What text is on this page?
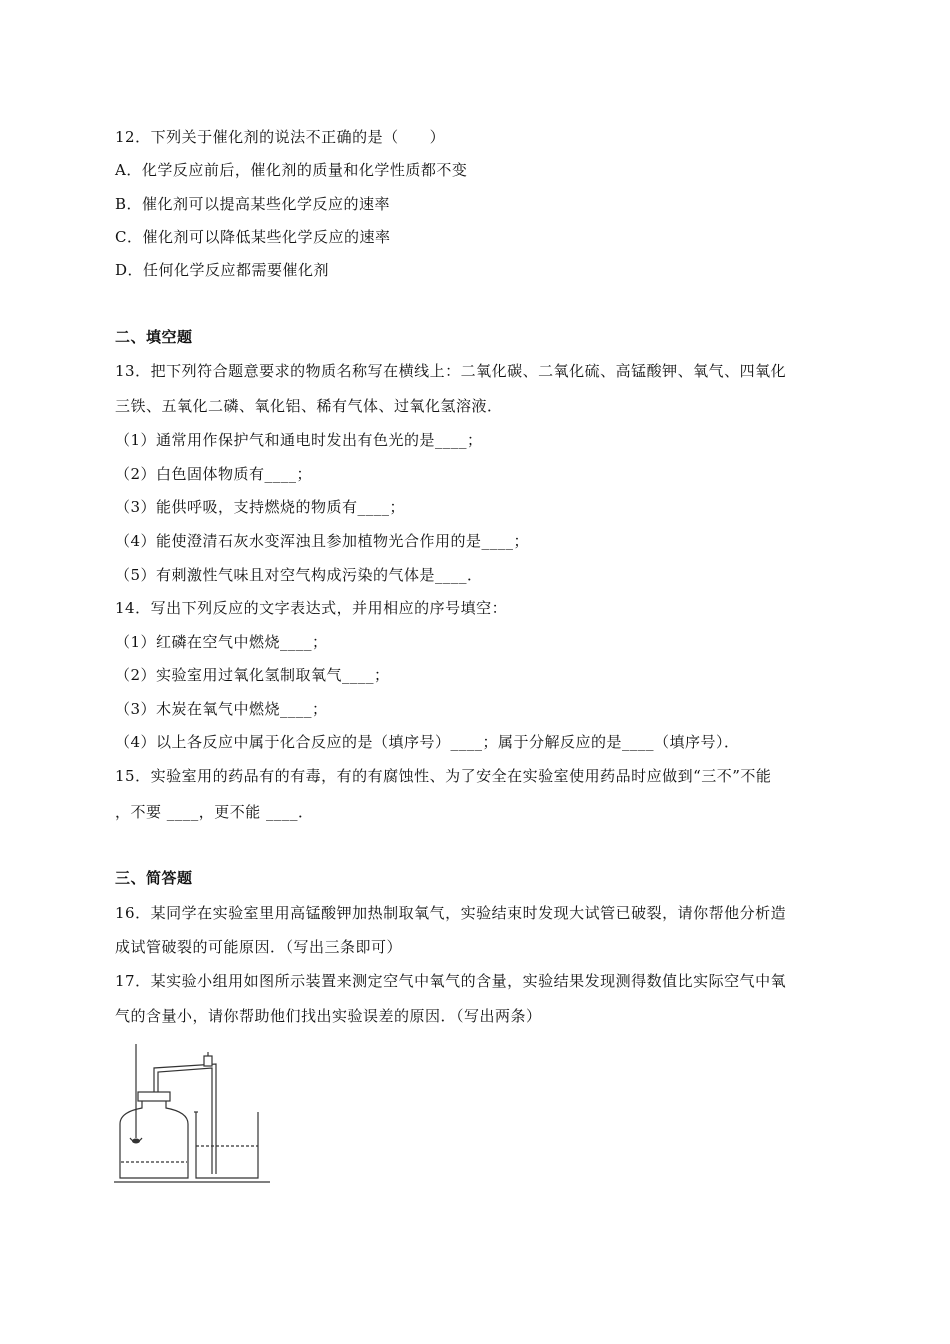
12．下列关于催化剂的说法不正确的是（　　）
A．化学反应前后，催化剂的质量和化学性质都不变
B．催化剂可以提高某些化学反应的速率
C．催化剂可以降低某些化学反应的速率
D．任何化学反应都需要催化剂
二、填空题
13．把下列符合题意要求的物质名称写在横线上：二氧化碳、二氧化硫、高锰酸钾、氧气、四氧化
三铁、五氧化二磷、氧化铝、稀有气体、过氧化氢溶液．
（1）通常用作保护气和通电时发出有色光的是____；
（2）白色固体物质有____；
（3）能供呼吸，支持燃烧的物质有____；
（4）能使澄清石灰水变浑浊且参加植物光合作用的是____；
（5）有刺激性气味且对空气构成污染的气体是____．
14．写出下列反应的文字表达式，并用相应的序号填空：
（1）红磷在空气中燃烧____；
（2）实验室用过氧化氢制取氧气____；
（3）木炭在氧气中燃烧____；
（4）以上各反应中属于化合反应的是（填序号）____；属于分解反应的是____（填序号）．
15．实验室用的药品有的有毒，有的有腐蚀性、为了安全在实验室使用药品时应做到“三不”不能
，不要 ____，更不能 ____．
三、简答题
16．某同学在实验室里用高锰酸钾加热制取氧气，实验结束时发现大试管已破裂，请你帮他分析造
成试管破裂的可能原因．（写出三条即可）
17．某实验小组用如图所示装置来测定空气中氧气的含量，实验结果发现测得数值比实际空气中氧
气的含量小，请你帮助他们找出实验误差的原因．（写出两条）
